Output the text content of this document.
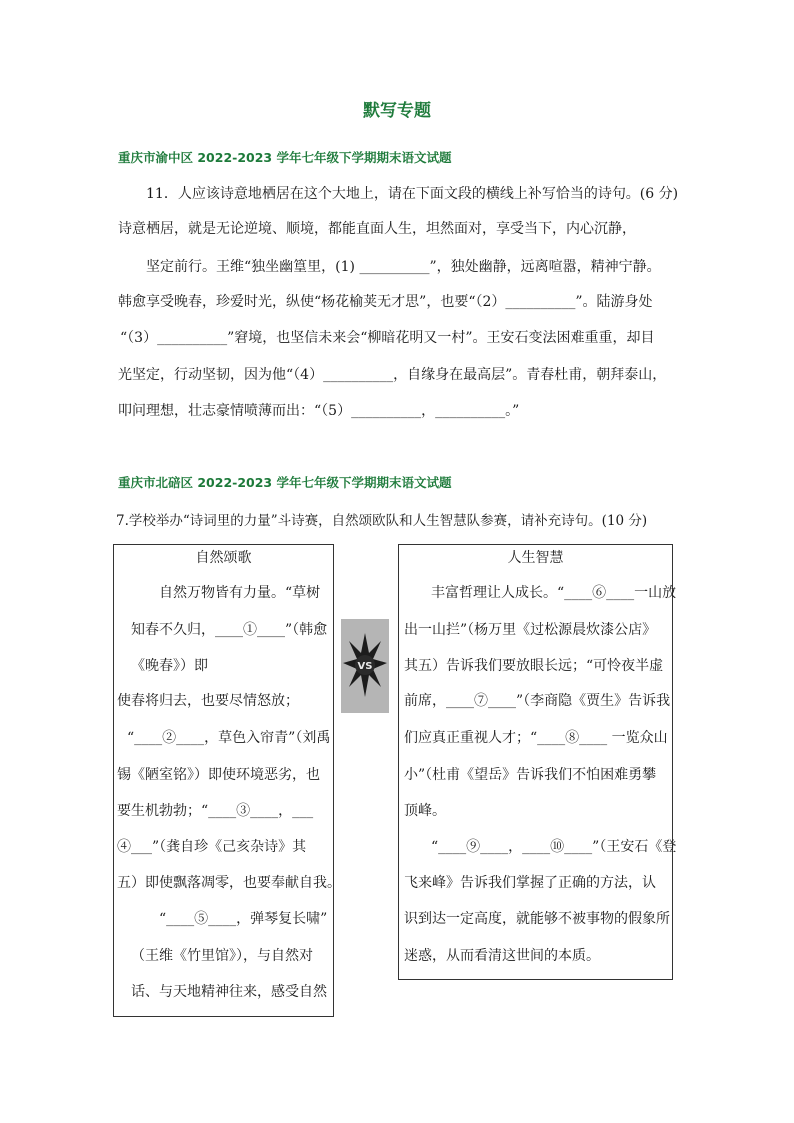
默写专题
重庆市渝中区 2022-2023 学年七年级下学期期末语文试题
11．人应该诗意地栖居在这个大地上，请在下面文段的横线上补写恰当的诗句。(6 分)
诗意栖居，就是无论逆境、顺境，都能直面人生，坦然面对，享受当下，内心沉静，
坚定前行。王维“独坐幽篁里，(1) __________”，独处幽静，远离喧嚣，精神宁静。
韩愈享受晚春，珍爱时光，纵使“杨花榆荚无才思”，也要“（2）__________”。陆游身处
“（3）__________”窘境，也坚信未来会“柳暗花明又一村”。王安石变法困难重重，却目
光坚定，行动坚韧，因为他“（4）__________，自缘身在最高层”。青春杜甫，朝拜泰山，
叩问理想，壮志豪情喷薄而出：“（5）__________，__________。”
重庆市北碚区 2022-2023 学年七年级下学期期末语文试题
7.学校举办“诗词里的力量”斗诗赛，自然颂欧队和人生智慧队参赛，请补充诗句。(10 分)
自然颂歌
自然万物皆有力量。“草树
知春不久归，____①____”（韩愈
《晚春》）即
使春将归去，也要尽情怒放；
“____②____，草色入帘青”（刘禹
锡《陋室铭》）即使环境恶劣，也
要生机勃勃；“____③____，___
④___”（龚自珍《己亥杂诗》其
五）即使飘落凋零，也要奉献自我。
“____⑤____，弹琴复长啸”
（王维《竹里馆》），与自然对
话、与天地精神往来，感受自然
VS
人生智慧
丰富哲理让人成长。“____⑥____一山放
出一山拦”（杨万里《过松源晨炊漆公店》
其五）告诉我们要放眼长远；“可怜夜半虚
前席，____⑦____”（李商隐《贾生》告诉我
们应真正重视人才；“____⑧____ 一览众山
小”（杜甫《望岳》告诉我们不怕困难勇攀
顶峰。
“____⑨____，____⑩____”（王安石《登
飞来峰》告诉我们掌握了正确的方法，认
识到达一定高度，就能够不被事物的假象所
迷惑，从而看清这世间的本质。
